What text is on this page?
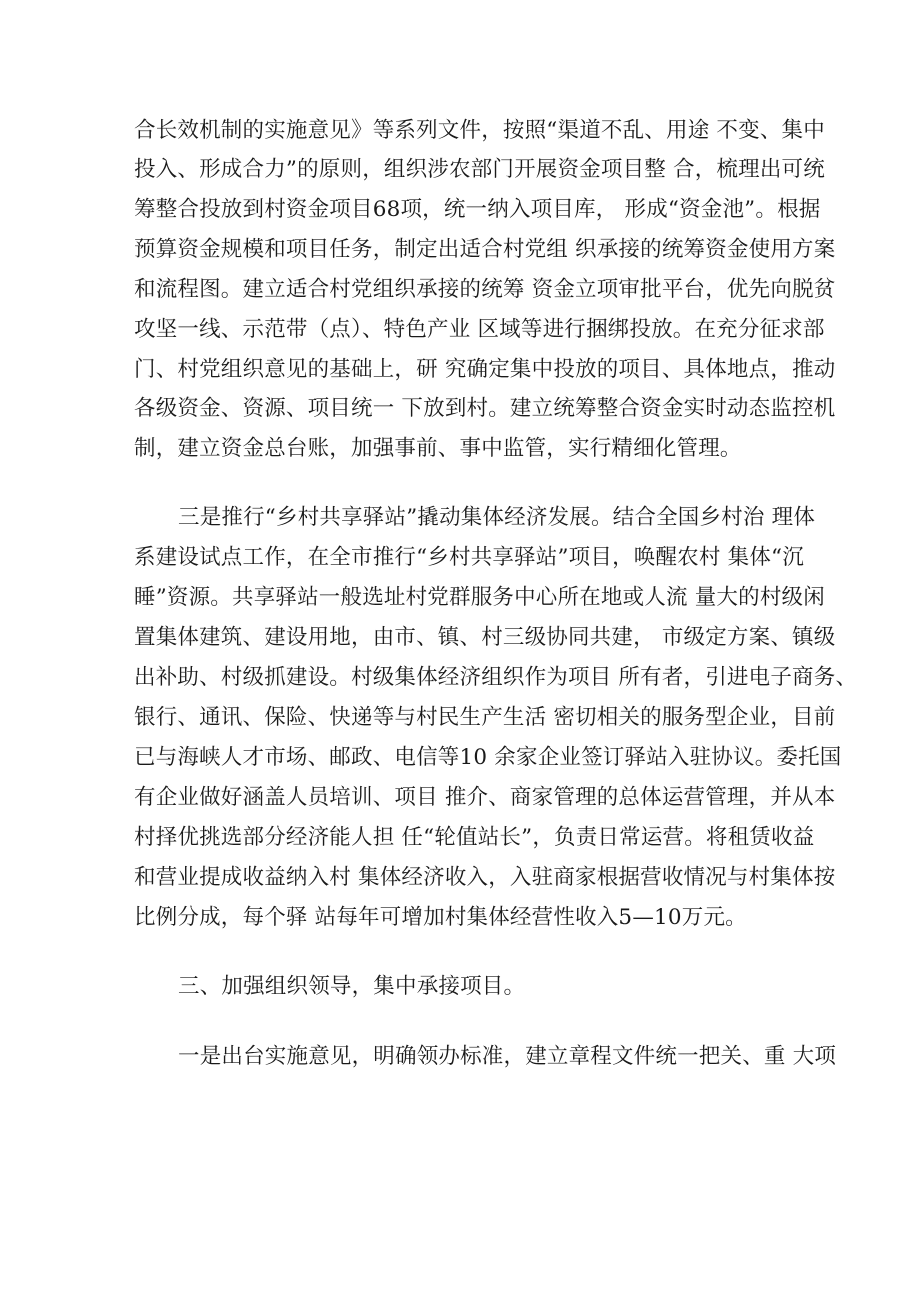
合长效机制的实施意见》等系列文件，按照“渠道不乱、用途 不变、集中
投入、形成合力”的原则，组织涉农部门开展资金项目整 合，梳理出可统
筹整合投放到村资金项目68项，统一纳入项目库， 形成“资金池”。根据
预算资金规模和项目任务，制定出适合村党组 织承接的统筹资金使用方案
和流程图。建立适合村党组织承接的统筹 资金立项审批平台，优先向脱贫
攻坚一线、示范带（点）、特色产业 区域等进行捆绑投放。在充分征求部
门、村党组织意见的基础上，研 究确定集中投放的项目、具体地点，推动
各级资金、资源、项目统一 下放到村。建立统筹整合资金实时动态监控机
制，建立资金总台账，加强事前、事中监管，实行精细化管理。
三是推行“乡村共享驿站”撬动集体经济发展。结合全国乡村治 理体
系建设试点工作，在全市推行“乡村共享驿站”项目，唤醒农村 集体“沉
睡”资源。共享驿站一般选址村党群服务中心所在地或人流 量大的村级闲
置集体建筑、建设用地，由市、镇、村三级协同共建， 市级定方案、镇级
出补助、村级抓建设。村级集体经济组织作为项目 所有者，引进电子商务、
银行、通讯、保险、快递等与村民生产生活 密切相关的服务型企业，目前
已与海峡人才市场、邮政、电信等10 余家企业签订驿站入驻协议。委托国
有企业做好涵盖人员培训、项目 推介、商家管理的总体运营管理，并从本
村择优挑选部分经济能人担 任“轮值站长”，负责日常运营。将租赁收益
和营业提成收益纳入村 集体经济收入，入驻商家根据营收情况与村集体按
比例分成，每个驿 站每年可增加村集体经营性收入5—10万元。
三、加强组织领导，集中承接项目。
一是出台实施意见，明确领办标准，建立章程文件统一把关、重 大项
